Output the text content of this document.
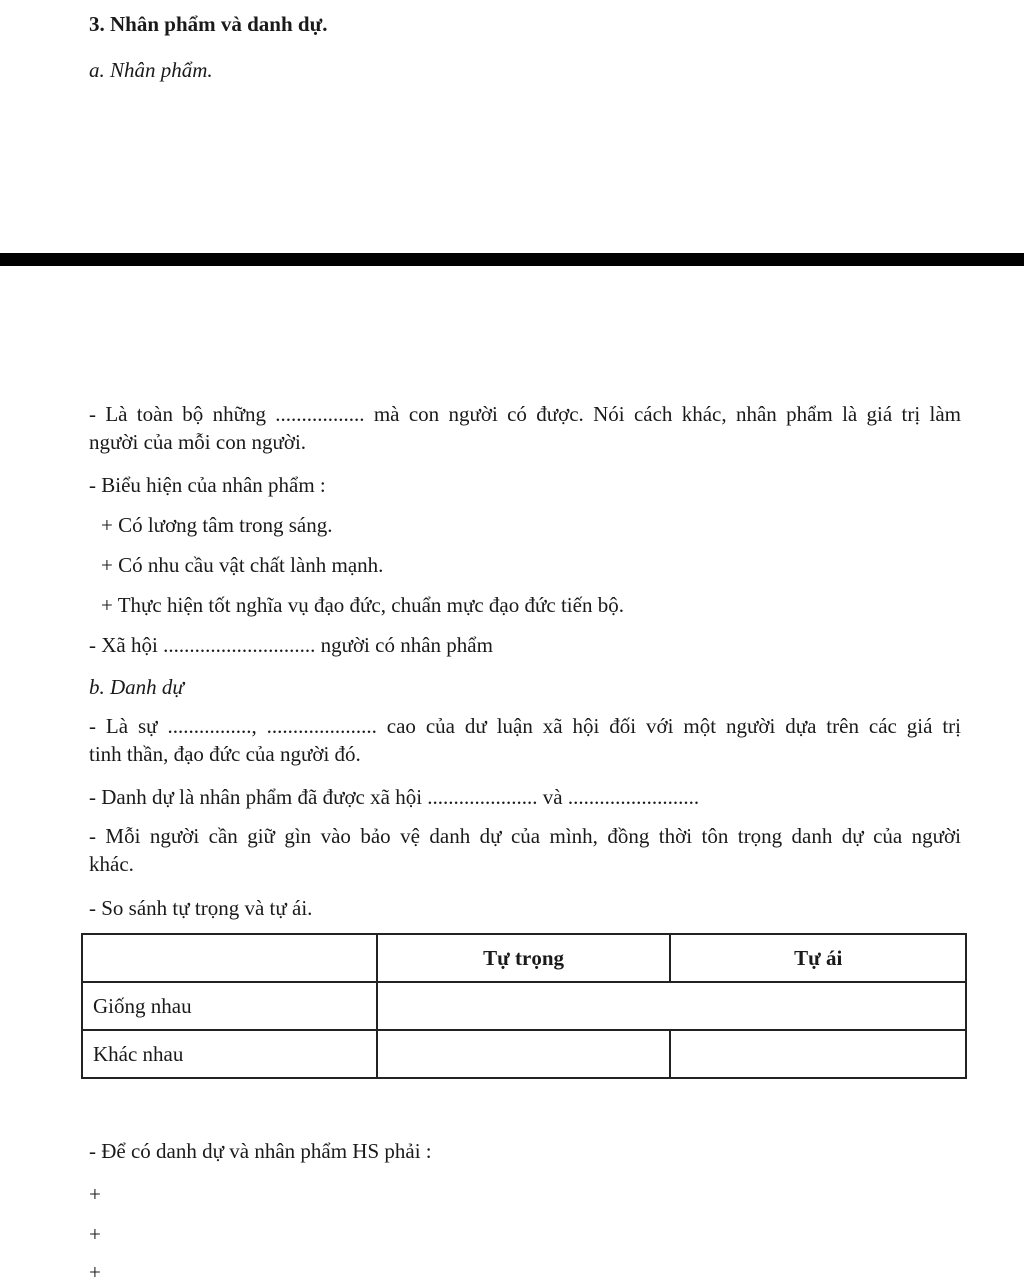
3. Nhân phẩm và danh dự.
a. Nhân phẩm.
- Là toàn bộ những ................. mà con người có được. Nói cách khác, nhân phẩm là giá trị làm
người của mỗi con người.
- Biểu hiện của nhân phẩm :
+ Có lương tâm trong sáng.
+ Có nhu cầu vật chất lành mạnh.
+ Thực hiện tốt nghĩa vụ đạo đức, chuẩn mực đạo đức tiến bộ.
- Xã hội ............................. người có nhân phẩm
b. Danh dự
- Là sự ................, ..................... cao của dư luận xã hội đối với một người dựa trên các giá trị
tinh thần, đạo đức của người đó.
- Danh dự là nhân phẩm đã được xã hội ..................... và .........................
- Mỗi người cần giữ gìn vào bảo vệ danh dự của mình, đồng thời tôn trọng danh dự của người
khác.
- So sánh tự trọng và tự ái.
	Tự trọng	Tự ái
Giống nhau		
Khác nhau		
- Để có danh dự và nhân phẩm HS phải :
+
+
+
